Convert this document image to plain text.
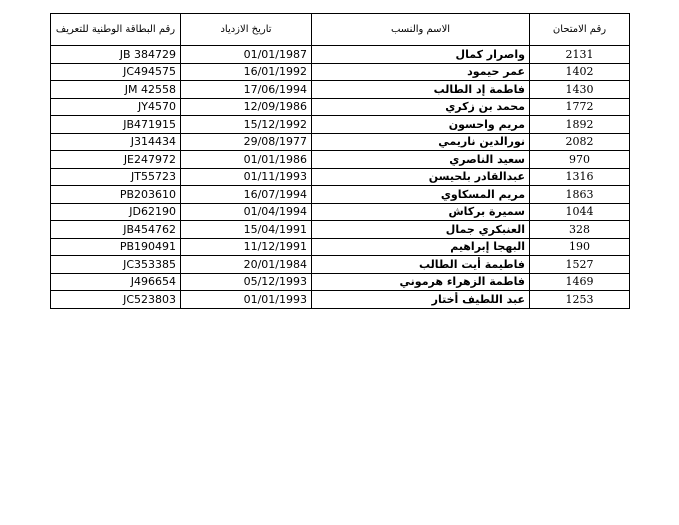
رقم البطاقة الوطنية للتعريف	تاريخ الازدياد	الاسم والنسب	رقم الامتحان
JB 384729	01/01/1987	واصرار كمال	2131
JC494575	16/01/1992	عمر حيمود	1402
JM 42558	17/06/1994	فاطمة إد الطالب	1430
JY4570	12/09/1986	محمد بن زكري	1772
JB471915	15/12/1992	مريم واحسون	1892
J314434	29/08/1977	نورالدين ناريمي	2082
JE247972	01/01/1986	سعيد الناصري	970
JT55723	01/11/1993	عبدالقادر بلحيسن	1316
PB203610	16/07/1994	مريم المسكاوي	1863
JD62190	01/04/1994	سميرة بركاش	1044
JB454762	15/04/1991	العنبكري جمال	328
PB190491	11/12/1991	البهجا إبراهيم	190
JC353385	20/01/1984	فاطيمة أيت الطالب	1527
J496654	05/12/1993	فاطمة الزهراء هرموني	1469
JC523803	01/01/1993	عبد اللطيف أختار	1253
